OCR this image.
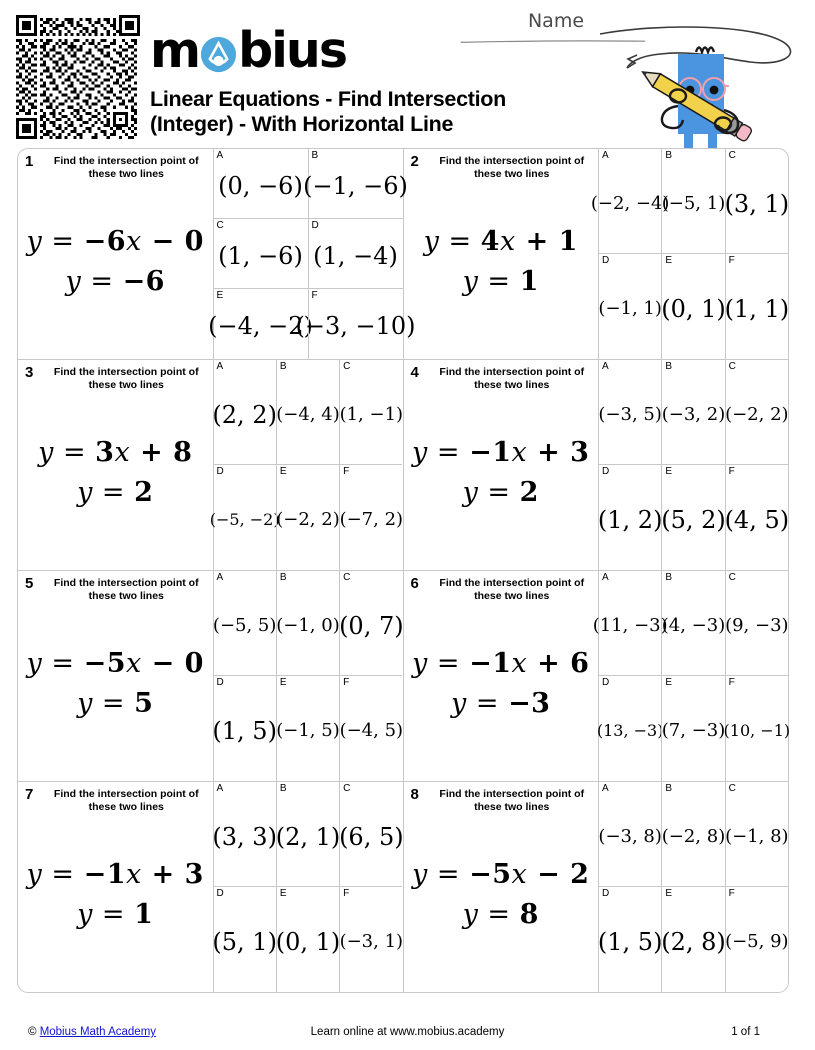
m bius
Linear Equations - Find Intersection
(Integer) - With Horizontal Line
Name
1	Find the intersection point of these two lines
y = −6x − 0
y = −6
A
(0, −6)
B
(−1, −6)
C
(1, −6)
D
(1, −4)
E
(−4, −2)
F
(−3, −10)
2	Find the intersection point of these two lines
y = 4x + 1
y = 1
A
(−2, −4)
B
(−5, 1)
C
(3, 1)
D
(−1, 1)
E
(0, 1)
F
(1, 1)
3	Find the intersection point of these two lines
y = 3x + 8
y = 2
A
(2, 2)
B
(−4, 4)
C
(1, −1)
D
(−5, −2)
E
(−2, 2)
F
(−7, 2)
4	Find the intersection point of these two lines
y = −1x + 3
y = 2
A
(−3, 5)
B
(−3, 2)
C
(−2, 2)
D
(1, 2)
E
(5, 2)
F
(4, 5)
5	Find the intersection point of these two lines
y = −5x − 0
y = 5
A
(−5, 5)
B
(−1, 0)
C
(0, 7)
D
(1, 5)
E
(−1, 5)
F
(−4, 5)
6	Find the intersection point of these two lines
y = −1x + 6
y = −3
A
(11, −3)
B
(4, −3)
C
(9, −3)
D
(13, −3)
E
(7, −3)
F
(10, −1)
7	Find the intersection point of these two lines
y = −1x + 3
y = 1
A
(3, 3)
B
(2, 1)
C
(6, 5)
D
(5, 1)
E
(0, 1)
F
(−3, 1)
8	Find the intersection point of these two lines
y = −5x − 2
y = 8
A
(−3, 8)
B
(−2, 8)
C
(−1, 8)
D
(1, 5)
E
(2, 8)
F
(−5, 9)
© Mobius Math Academy	Learn online at www.mobius.academy	1 of 1
